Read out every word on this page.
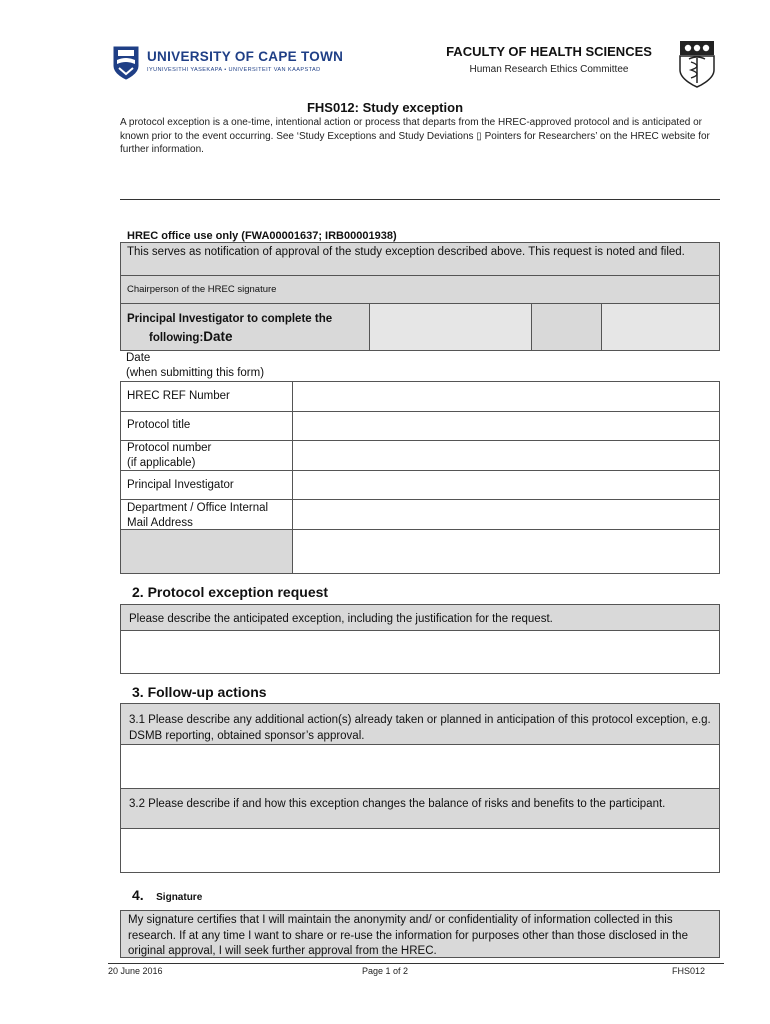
UNIVERSITY OF CAPE TOWN
IYUNIVESITHI YASEKAPA • UNIVERSITEIT VAN KAAPSTAD
FACULTY OF HEALTH SCIENCES
Human Research Ethics Committee
FHS012: Study exception
A protocol exception is a one-time, intentional action or process that departs from the HREC-approved protocol and is anticipated or known prior to the event occurring. See ‘Study Exceptions and Study Deviations ▯ Pointers for Researchers’ on the HREC website for further information.
HREC office use only (FWA00001637; IRB00001938)
This serves as notification of approval of the study exception described above. This request is noted and filed.
Chairperson of the HREC signature
Principal Investigator to complete the
following:Date
Date
(when submitting this form)
HREC REF Number
Protocol title
Protocol number
(if applicable)
Principal Investigator
Department / Office Internal
Mail Address
2. Protocol exception request
Please describe the anticipated exception, including the justification for the request.
3. Follow-up actions
3.1 Please describe any additional action(s) already taken or planned in anticipation of this protocol exception, e.g. DSMB reporting, obtained sponsor’s approval.
3.2 Please describe if and how this exception changes the balance of risks and benefits to the participant.
4. Signature
My signature certifies that I will maintain the anonymity and/ or confidentiality of information collected in this research. If at any time I want to share or re-use the information for purposes other than those disclosed in the original approval, I will seek further approval from the HREC.
20 June 2016	Page 1 of 2	FHS012
